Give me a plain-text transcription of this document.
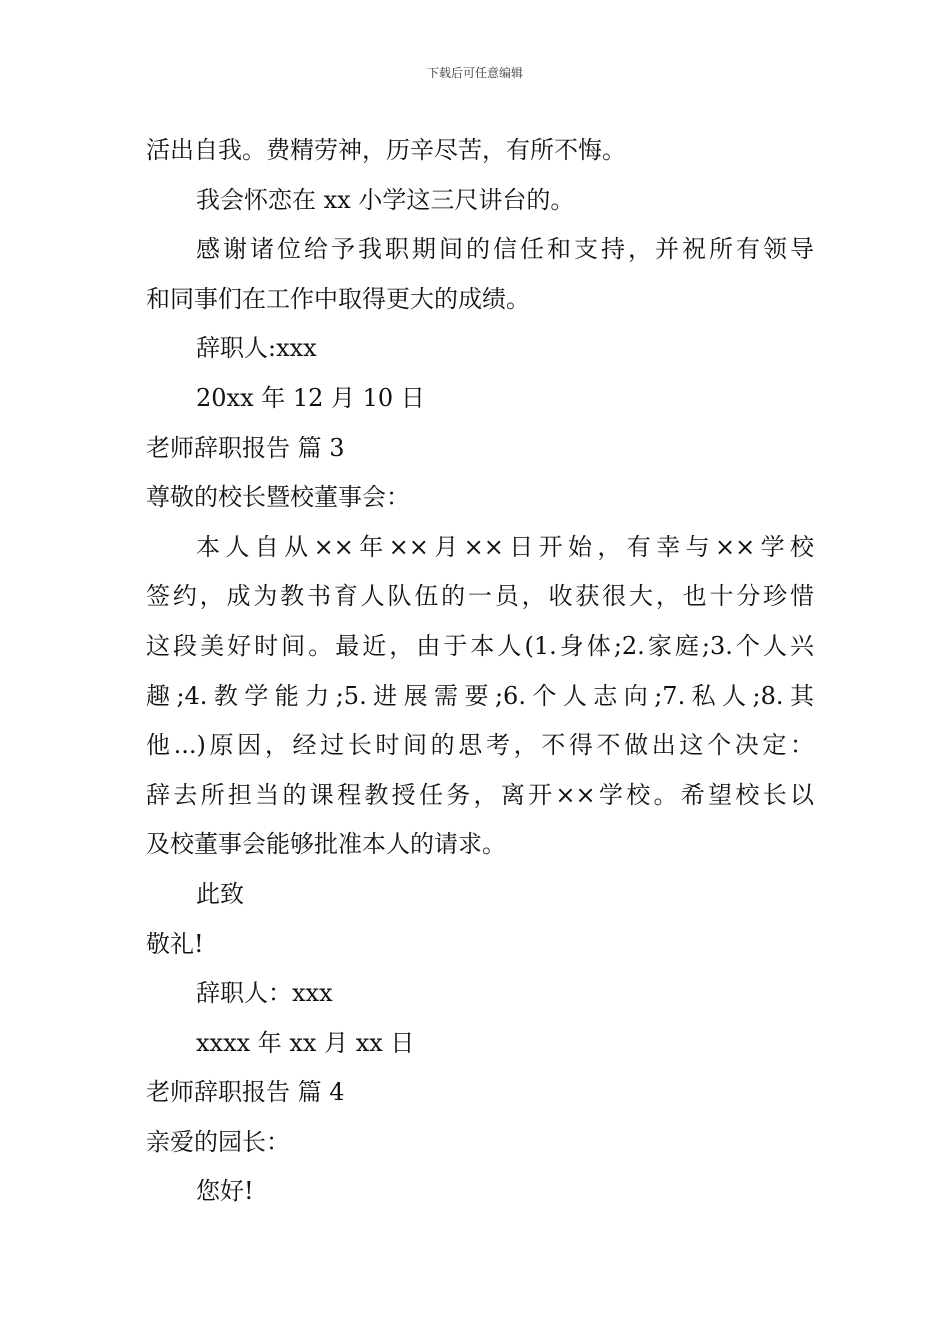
下载后可任意编辑
活出自我。费精劳神，历辛尽苦，有所不悔。
我会怀恋在 xx 小学这三尺讲台的。
感谢诸位给予我职期间的信任和支持，并祝所有领导
和同事们在工作中取得更大的成绩。
辞职人:xxx
20xx 年 12 月 10 日
老师辞职报告 篇 3
尊敬的校长暨校董事会：
本人自从××年××月××日开始，有幸与××学校
签约，成为教书育人队伍的一员，收获很大，也十分珍惜
这段美好时间。最近，由于本人(1.身体;2.家庭;3.个人兴
趣;4.教学能力;5.进展需要;6.个人志向;7.私人;8.其
他...)原因，经过长时间的思考，不得不做出这个决定：
辞去所担当的课程教授任务，离开××学校。希望校长以
及校董事会能够批准本人的请求。
此致
敬礼!
辞职人：xxx
xxxx 年 xx 月 xx 日
老师辞职报告 篇 4
亲爱的园长：
您好!
